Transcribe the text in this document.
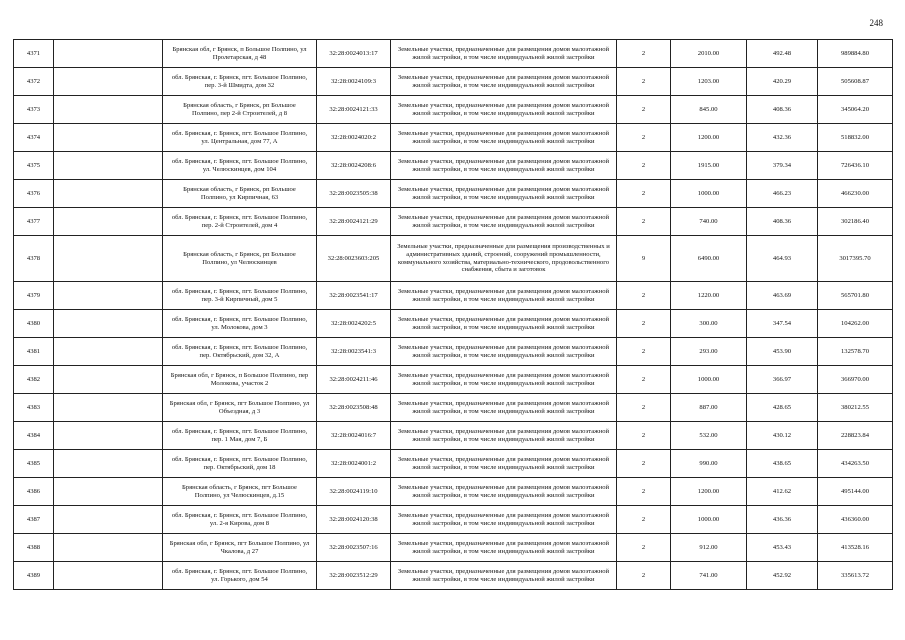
248
4371		Брянская обл, г Брянск, п Большое Полпино, ул Пролетарская, д 48	32:28:0024013:17	Земельные участки, предназначенные для размещения домов малоэтажной жилой застройки, в том числе индивидуальной жилой застройки	2	2010.00	492.48	989884.80
4372		обл. Брянская, г. Брянск, пгт. Большое Полпино, пер. 3-й Шмидта, дом 32	32:28:0024109:3	Земельные участки, предназначенные для размещения домов малоэтажной жилой застройки, в том числе индивидуальной жилой застройки	2	1203.00	420.29	505608.87
4373		Брянская область, г Брянск, рп Большое Полпино, пер 2-й Строителей, д 8	32:28:0024121:33	Земельные участки, предназначенные для размещения домов малоэтажной жилой застройки, в том числе индивидуальной жилой застройки	2	845.00	408.36	345064.20
4374		обл. Брянская, г. Брянск, пгт. Большое Полпино, ул. Центральная, дом 77, А	32:28:0024020:2	Земельные участки, предназначенные для размещения домов малоэтажной жилой застройки, в том числе индивидуальной жилой застройки	2	1200.00	432.36	518832.00
4375		обл. Брянская, г. Брянск, пгт. Большое Полпино, ул. Челюскинцев, дом 104	32:28:0024208:6	Земельные участки, предназначенные для размещения домов малоэтажной жилой застройки, в том числе индивидуальной жилой застройки	2	1915.00	379.34	726436.10
4376		Брянская область, г Брянск, рп Большое Полпино, ул Кирпичная, 63	32:28:0023505:38	Земельные участки, предназначенные для размещения домов малоэтажной жилой застройки, в том числе индивидуальной жилой застройки	2	1000.00	466.23	466230.00
4377		обл. Брянская, г. Брянск, пгт. Большое Полпино, пер. 2-й Строителей, дом 4	32:28:0024121:29	Земельные участки, предназначенные для размещения домов малоэтажной жилой застройки, в том числе индивидуальной жилой застройки	2	740.00	408.36	302186.40
4378		Брянская область, г Брянск, рп Большое Полпино, ул Челюскинцев	32:28:0023603:205	Земельные участки, предназначенные для размещения производственных и административных зданий, строений, сооружений промышленности, коммунального хозяйства, материально-технического, продовольственного снабжения, сбыта и заготовок	9	6490.00	464.93	3017395.70
4379		обл. Брянская, г. Брянск, пгт. Большое Полпино, пер. 3-й Кирпичный, дом 5	32:28:0023541:17	Земельные участки, предназначенные для размещения домов малоэтажной жилой застройки, в том числе индивидуальной жилой застройки	2	1220.00	463.69	565701.80
4380		обл. Брянская, г. Брянск, пгт. Большое Полпино, ул. Молокова, дом 3	32:28:0024202:5	Земельные участки, предназначенные для размещения домов малоэтажной жилой застройки, в том числе индивидуальной жилой застройки	2	300.00	347.54	104262.00
4381		обл. Брянская, г. Брянск, пгт. Большое Полпино, пер. Октябрьский, дом 32, А	32:28:0023541:3	Земельные участки, предназначенные для размещения домов малоэтажной жилой застройки, в том числе индивидуальной жилой застройки	2	293.00	453.90	132578.70
4382		Брянская обл, г Брянск, п Большое Полпино, пер Молокова, участок 2	32:28:0024211:46	Земельные участки, предназначенные для размещения домов малоэтажной жилой застройки, в том числе индивидуальной жилой застройки	2	1000.00	366.97	366970.00
4383		Брянская обл, г Брянск, пгт Большое Полпино, ул Объездная, д 3	32:28:0023508:48	Земельные участки, предназначенные для размещения домов малоэтажной жилой застройки, в том числе индивидуальной жилой застройки	2	887.00	428.65	380212.55
4384		обл. Брянская, г. Брянск, пгт. Большое Полпино, пер. 1 Мая, дом 7, Б	32:28:0024016:7	Земельные участки, предназначенные для размещения домов малоэтажной жилой застройки, в том числе индивидуальной жилой застройки	2	532.00	430.12	228823.84
4385		обл. Брянская, г. Брянск, пгт. Большое Полпино, пер. Октябрьский, дом 18	32:28:0024001:2	Земельные участки, предназначенные для размещения домов малоэтажной жилой застройки, в том числе индивидуальной жилой застройки	2	990.00	438.65	434263.50
4386		Брянская область, г Брянск, пгт Большое Полпино, ул Челюскинцев, д.15	32:28:0024119:10	Земельные участки, предназначенные для размещения домов малоэтажной жилой застройки, в том числе индивидуальной жилой застройки	2	1200.00	412.62	495144.00
4387		обл. Брянская, г. Брянск, пгт. Большое Полпино, ул. 2-я Кирова, дом 8	32:28:0024120:38	Земельные участки, предназначенные для размещения домов малоэтажной жилой застройки, в том числе индивидуальной жилой застройки	2	1000.00	436.36	436360.00
4388		Брянская обл, г Брянск, пгт Большое Полпино, ул Чкалова, д 27	32:28:0023507:16	Земельные участки, предназначенные для размещения домов малоэтажной жилой застройки, в том числе индивидуальной жилой застройки	2	912.00	453.43	413528.16
4389		обл. Брянская, г. Брянск, пгт. Большое Полпино, ул. Горького, дом 54	32:28:0023512:29	Земельные участки, предназначенные для размещения домов малоэтажной жилой застройки, в том числе индивидуальной жилой застройки	2	741.00	452.92	335613.72
